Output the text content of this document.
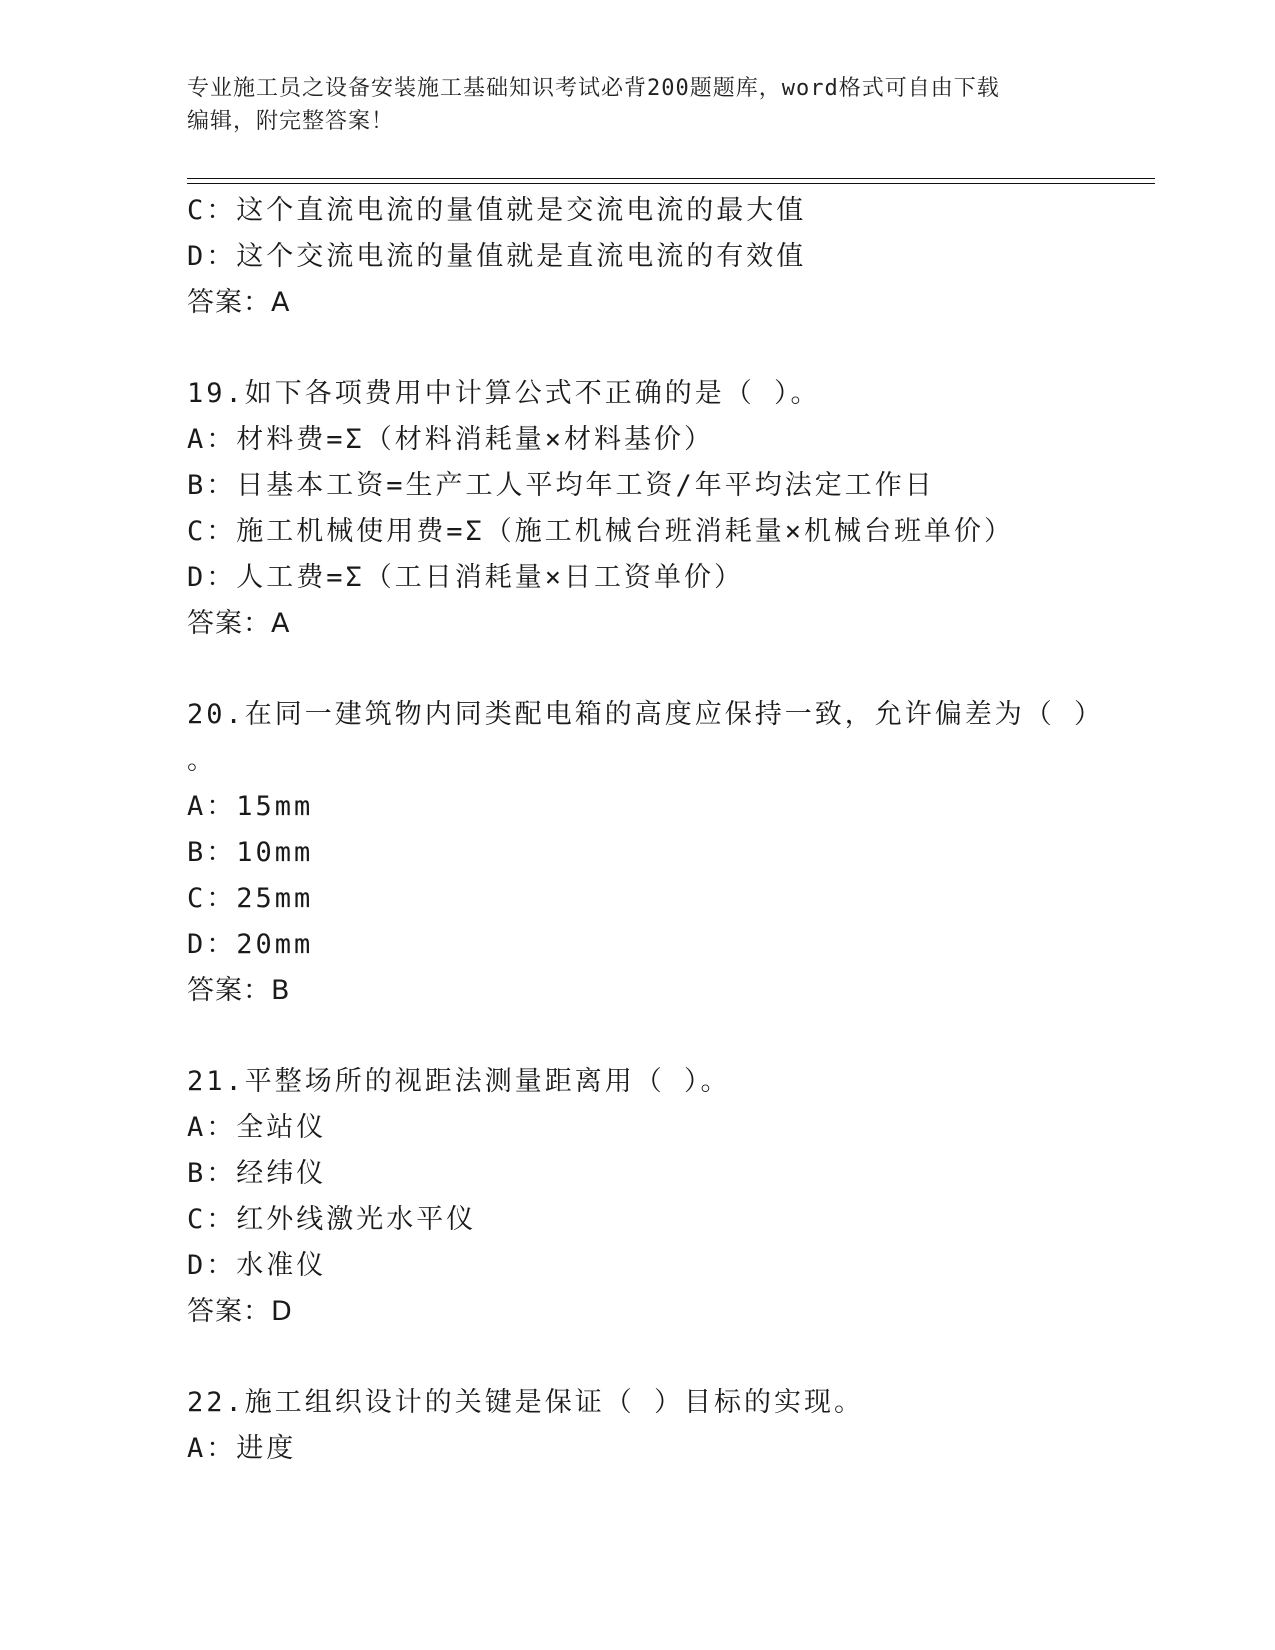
专业施工员之设备安装施工基础知识考试必背200题题库，word格式可自由下载
编辑，附完整答案！
C：这个直流电流的量值就是交流电流的最大值
D：这个交流电流的量值就是直流电流的有效值
答案：A
19.如下各项费用中计算公式不正确的是（ ）。
A：材料费=Σ（材料消耗量×材料基价）
B：日基本工资=生产工人平均年工资/年平均法定工作日
C：施工机械使用费=Σ（施工机械台班消耗量×机械台班单价）
D：人工费=Σ（工日消耗量×日工资单价）
答案：A
20.在同一建筑物内同类配电箱的高度应保持一致，允许偏差为（ ）
。
A：15mm
B：10mm
C：25mm
D：20mm
答案：B
21.平整场所的视距法测量距离用（ ）。
A：全站仪
B：经纬仪
C：红外线激光水平仪
D：水准仪
答案：D
22.施工组织设计的关键是保证（ ）目标的实现。
A：进度
